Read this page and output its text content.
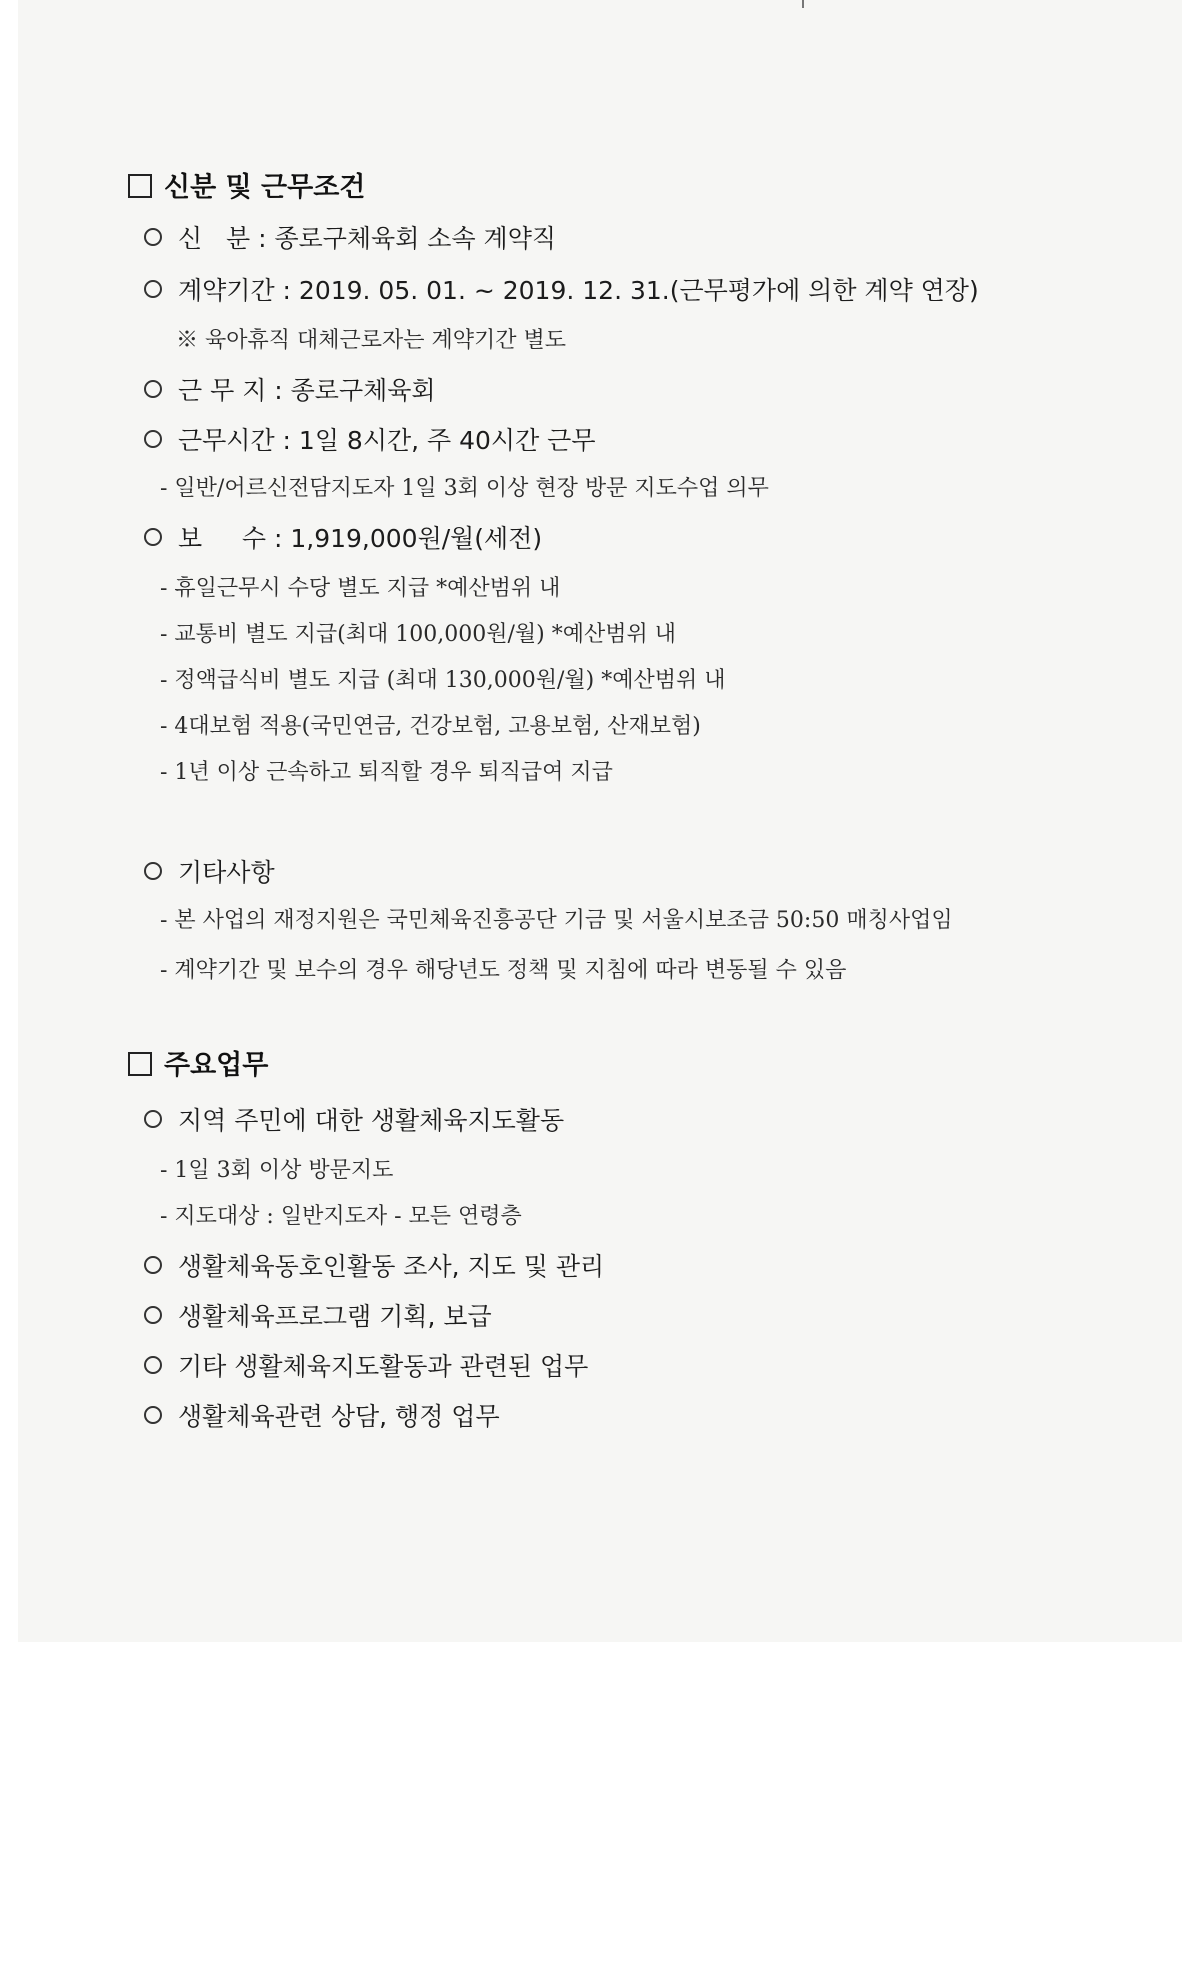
신분 및 근무조건
신   분 : 종로구체육회 소속 계약직
계약기간 : 2019. 05. 01. ~ 2019. 12. 31.(근무평가에 의한 계약 연장)
※ 육아휴직 대체근로자는 계약기간 별도
근 무 지 : 종로구체육회
근무시간 : 1일 8시간, 주 40시간 근무
- 일반/어르신전담지도자 1일 3회 이상 현장 방문 지도수업 의무
보     수 : 1,919,000원/월(세전)
- 휴일근무시 수당 별도 지급 *예산범위 내
- 교통비 별도 지급(최대 100,000원/월) *예산범위 내
- 정액급식비 별도 지급 (최대 130,000원/월) *예산범위 내
- 4대보험 적용(국민연금, 건강보험, 고용보험, 산재보험)
- 1년 이상 근속하고 퇴직할 경우 퇴직급여 지급
기타사항
- 본 사업의 재정지원은 국민체육진흥공단 기금 및 서울시보조금 50:50 매칭사업임
- 계약기간 및 보수의 경우 해당년도 정책 및 지침에 따라 변동될 수 있음
주요업무
지역 주민에 대한 생활체육지도활동
- 1일 3회 이상 방문지도
- 지도대상 : 일반지도자 - 모든 연령층
생활체육동호인활동 조사, 지도 및 관리
생활체육프로그램 기획, 보급
기타 생활체육지도활동과 관련된 업무
생활체육관련 상담, 행정 업무
